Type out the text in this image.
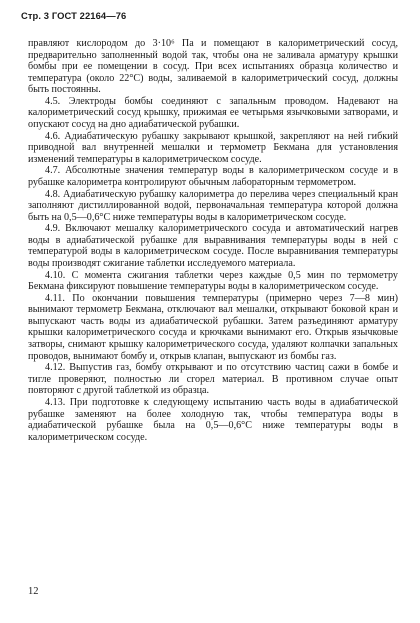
Стр. 3 ГОСТ 22164—76

правляют кислородом до 3·10⁶ Па и помещают в калориметрический сосуд, предварительно заполненный водой так, чтобы она не заливала арматуру крышки бомбы при ее помещении в сосуд. При всех испытаниях образца количество и температура (около 22°С) воды, заливаемой в калориметрический сосуд, должны быть постоянны.

4.5. Электроды бомбы соединяют с запальным проводом. Надевают на калориметрический сосуд крышку, прижимая ее четырьмя язычковыми затворами, и опускают сосуд на дно адиабатической рубашки.

4.6. Адиабатическую рубашку закрывают крышкой, закрепляют на ней гибкий приводной вал внутренней мешалки и термометр Бекмана для установления изменений температуры в калориметрическом сосуде.

4.7. Абсолютные значения температур воды в калориметрическом сосуде и в рубашке калориметра контролируют обычным лабораторным термометром.

4.8. Адиабатическую рубашку калориметра до перелива через специальный кран заполняют дистиллированной водой, первоначальная температура которой должна быть на 0,5—0,6°С ниже температуры воды в калориметрическом сосуде.

4.9. Включают мешалку калориметрического сосуда и автоматический нагрев воды в адиабатической рубашке для выравнивания температуры воды в ней с температурой воды в калориметрическом сосуде. После выравнивания температуры воды производят сжигание таблетки исследуемого материала.

4.10. С момента сжигания таблетки через каждые 0,5 мин по термометру Бекмана фиксируют повышение температуры воды в калориметрическом сосуде.

4.11. По окончании повышения температуры (примерно через 7—8 мин) вынимают термометр Бекмана, отключают вал мешалки, открывают боковой кран и выпускают часть воды из адиабатической рубашки. Затем разъединяют арматуру крышки калориметрического сосуда и крючками вынимают его. Открыв язычковые затворы, снимают крышку калориметрического сосуда, удаляют колпачки запальных проводов, вынимают бомбу и, открыв клапан, выпускают из бомбы газ.

4.12. Выпустив газ, бомбу открывают и по отсутствию частиц сажи в бомбе и тигле проверяют, полностью ли сгорел материал. В противном случае опыт повторяют с другой таблеткой из образца.

4.13. При подготовке к следующему испытанию часть воды в адиабатической рубашке заменяют на более холодную так, чтобы температура воды в адиабатической рубашке была на 0,5—0,6°С ниже температуры воды в калориметрическом сосуде.

12
